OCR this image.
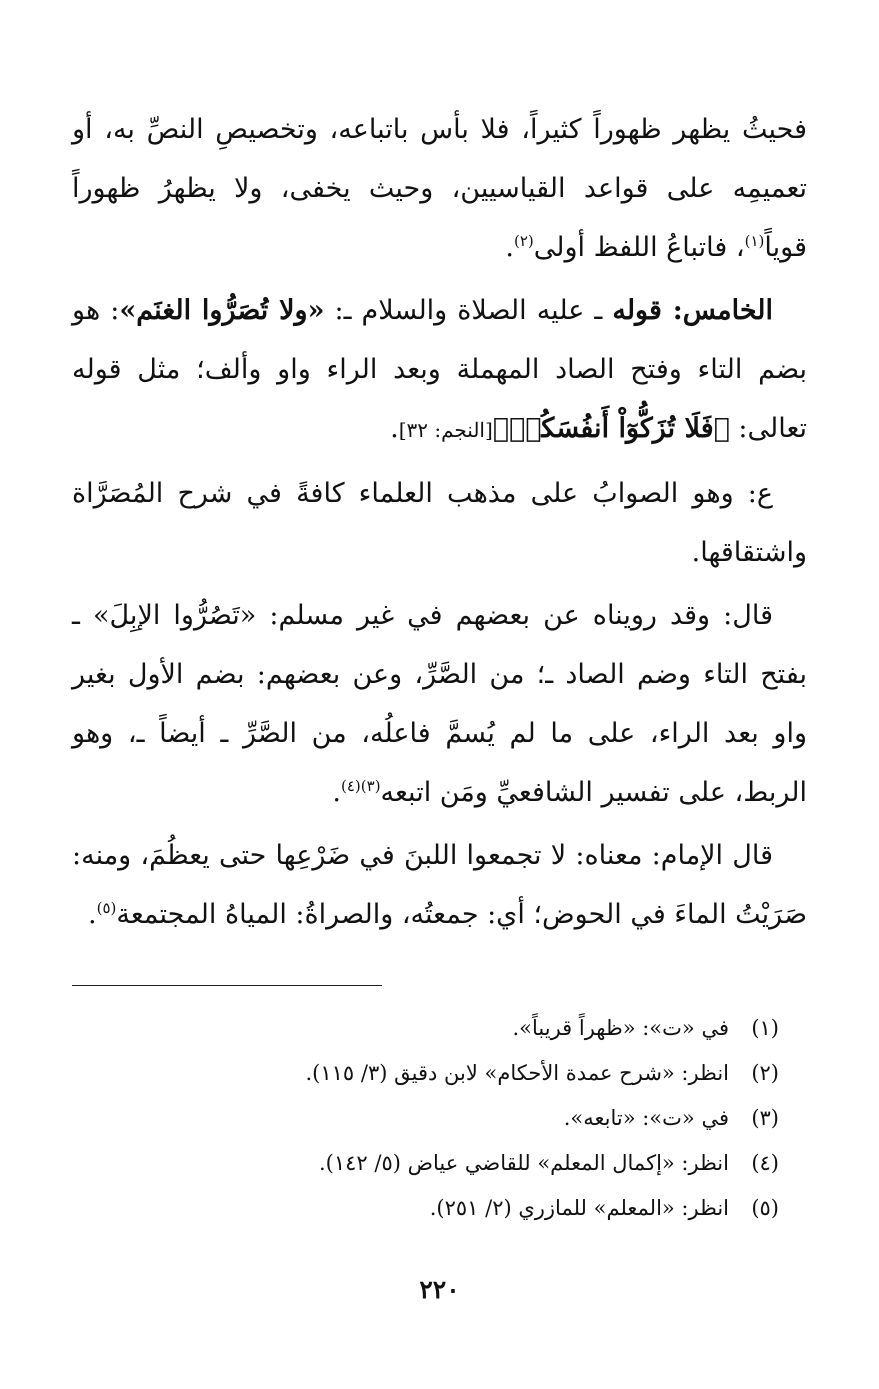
فحيثُ يظهر ظهوراً كثيراً، فلا بأس باتباعه، وتخصيصِ النصِّ به، أو تعميمِه على قواعد القياسيين، وحيث يخفى، ولا يظهرُ ظهوراً قوياً$^{(١)}$، فاتباعُ اللفظ أولى$^{(٢)}$.

الخامس: قوله ـ عليه الصلاة والسلام ـ: «ولا تُصَرُّوا الغنَم»: هو بضم التاء وفتح الصاد المهملة وبعد الراء واو وألف؛ مثل قوله تعالى: ﴿فَلَا تُزَكُّوٓاْ أَنفُسَكُمۡ﴾[النجم: ٣٢].

ع: وهو الصوابُ على مذهب العلماء كافةً في شرح المُصَرَّاة واشتقاقها.

قال: وقد رويناه عن بعضهم في غير مسلم: «تَصُرُّوا الإبِلَ» ـ بفتح التاء وضم الصاد ـ؛ من الصَّرِّ، وعن بعضهم: بضم الأول بغير واو بعد الراء، على ما لم يُسمَّ فاعلُه، من الصَّرِّ ـ أيضاً ـ، وهو الربط، على تفسير الشافعيِّ ومَن اتبعه$^{(٣)(٤)}$.

قال الإمام: معناه: لا تجمعوا اللبنَ في ضَرْعِها حتى يعظُمَ، ومنه: صَرَيْتُ الماءَ في الحوض؛ أي: جمعتُه، والصراةُ: المياهُ المجتمعة$^{(٥)}$.

(١)في «ت»: «ظهراً قريباً».
(٢)انظر: «شرح عمدة الأحكام» لابن دقيق (٣/ ١١٥).
(٣)في «ت»: «تابعه».
(٤)انظر: «إكمال المعلم» للقاضي عياض (٥/ ١٤٢).
(٥)انظر: «المعلم» للمازري (٢/ ٢٥١).
٢٢٠
